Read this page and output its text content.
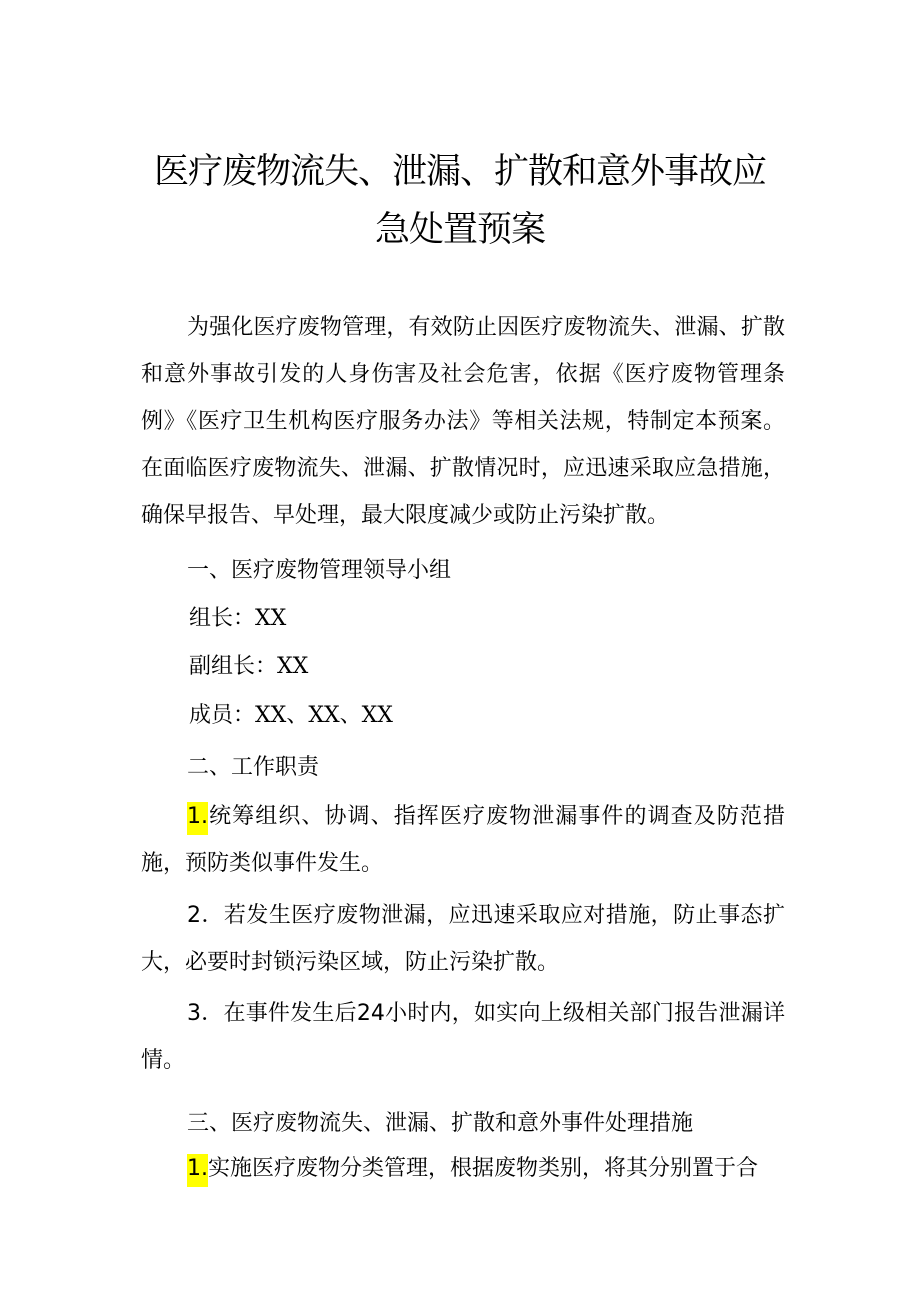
医疗废物流失、泄漏、扩散和意外事故应
急处置预案
为强化医疗废物管理，有效防止因医疗废物流失、泄漏、扩散和意外事故引发的人身伤害及社会危害，依据《医疗废物管理条例》《医疗卫生机构医疗服务办法》等相关法规，特制定本预案。在面临医疗废物流失、泄漏、扩散情况时，应迅速采取应急措施，确保早报告、早处理，最大限度减少或防止污染扩散。
一、医疗废物管理领导小组
组长：XX
副组长：XX
成员：XX、XX、XX
二、工作职责
1.统筹组织、协调、指挥医疗废物泄漏事件的调查及防范措施，预防类似事件发生。
2．若发生医疗废物泄漏，应迅速采取应对措施，防止事态扩大，必要时封锁污染区域，防止污染扩散。
3．在事件发生后24小时内，如实向上级相关部门报告泄漏详情。
三、医疗废物流失、泄漏、扩散和意外事件处理措施
1.实施医疗废物分类管理，根据废物类别，将其分别置于合
